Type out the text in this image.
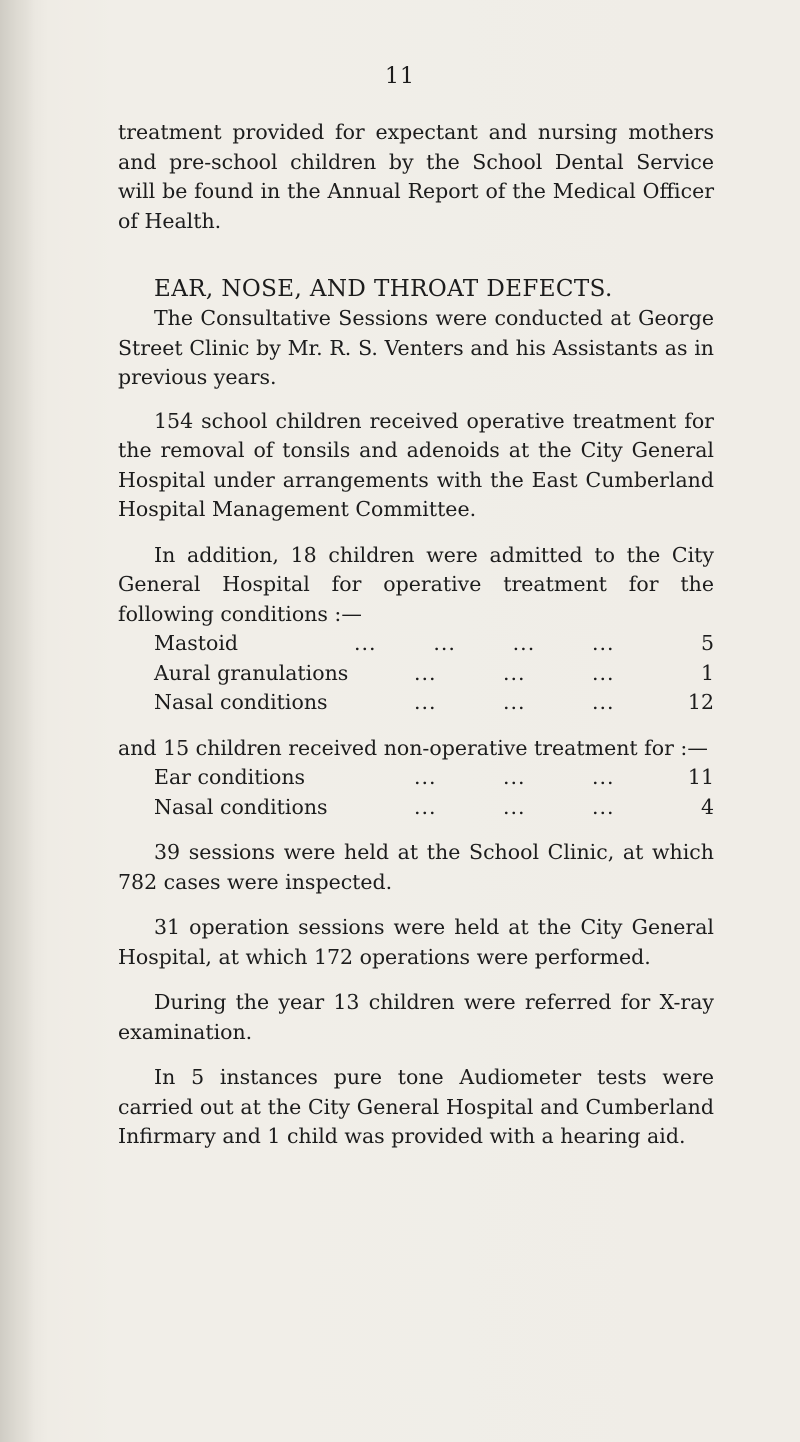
11

treatment provided for expectant and nursing mothers and pre-school children by the School Dental Service will be found in the Annual Report of the Medical Officer of Health.

EAR, NOSE, AND THROAT DEFECTS.

The Consultative Sessions were conducted at George Street Clinic by Mr. R. S. Venters and his Assistants as in previous years.

154 school children received operative treatment for the removal of tonsils and adenoids at the City General Hospital under arrangements with the East Cumberland Hospital Management Committee.

In addition, 18 children were admitted to the City General Hospital for operative treatment for the following conditions :—

Mastoid	...	...	...	...	5
Aural granulations	...	...	...	1
Nasal conditions	...	...	...	12

and 15 children received non-operative treatment for :—

Ear conditions	...	...	...	11
Nasal conditions	...	...	...	4

39 sessions were held at the School Clinic, at which 782 cases were inspected.

31 operation sessions were held at the City General Hospital, at which 172 operations were performed.

During the year 13 children were referred for X-ray examination.

In 5 instances pure tone Audiometer tests were carried out at the City General Hospital and Cumberland Infirmary and 1 child was provided with a hearing aid.
